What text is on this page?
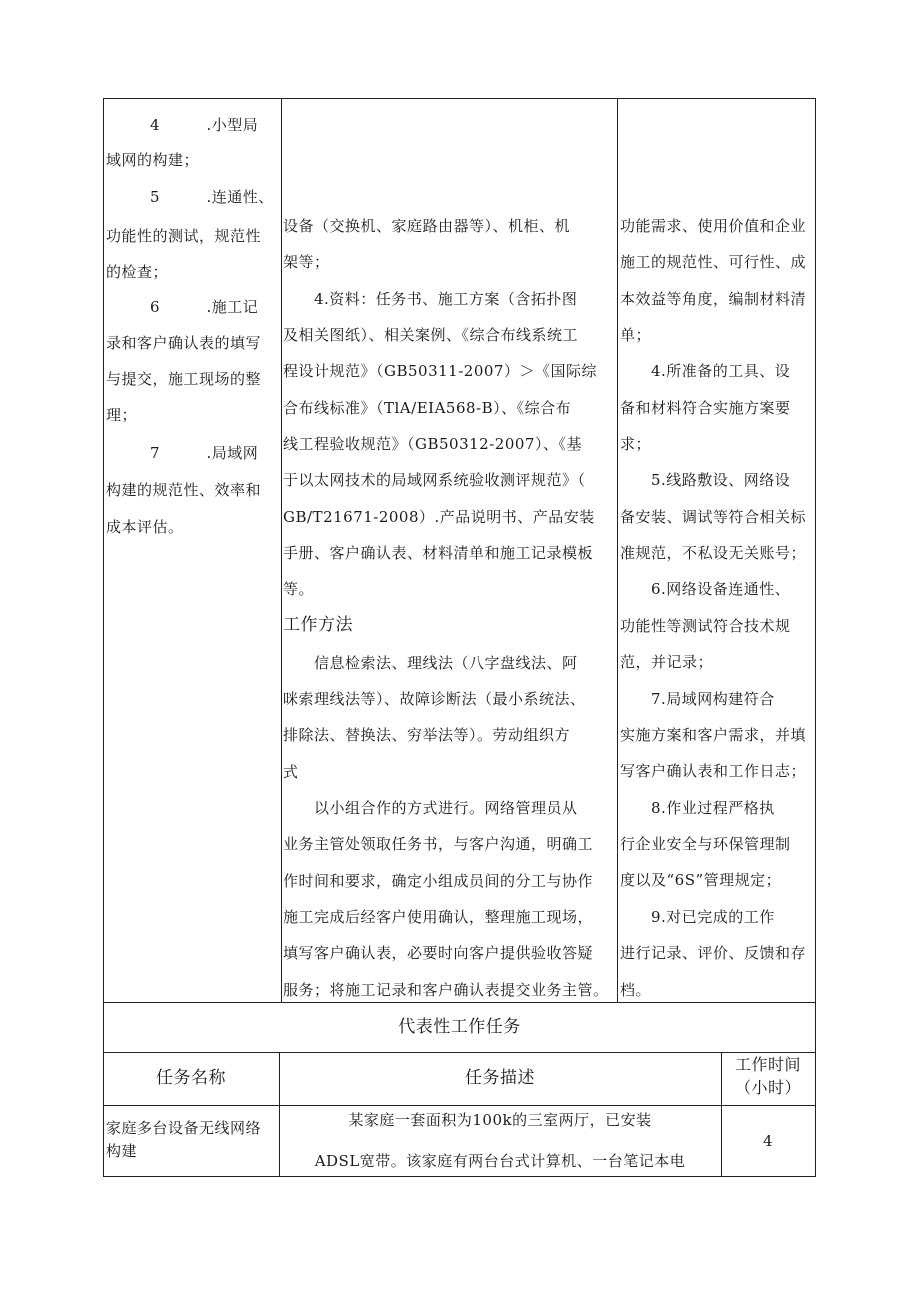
4　　　.小型局
域网的构建；
5　　　.连通性、
功能性的测试，规范性
的检查；
6　　　.施工记
录和客户确认表的填写
与提交，施工现场的整
理；
7　　　.局域网
构建的规范性、效率和
成本评估。
设备（交换机、家庭路由器等）、机柜、机
架等；
　　4.资料：任务书、施工方案（含拓扑图
及相关图纸）、相关案例、《综合布线系统工
程设计规范》（GB50311-2007）＞《国际综
合布线标准》（TlA/EIA568-B）、《综合布
线工程验收规范》（GB50312-2007）、《基
于以太网技术的局域网系统验收测评规范》（
GB/T21671-2008）.产品说明书、产品安装
手册、客户确认表、材料清单和施工记录模板
等。
工作方法
　　信息检索法、理线法（八字盘线法、阿
咪索理线法等）、故障诊断法（最小系统法、
排除法、替换法、穷举法等）。劳动组织方
式
　　以小组合作的方式进行。网络管理员从
业务主管处领取任务书，与客户沟通，明确工
作时间和要求，确定小组成员间的分工与协作
施工完成后经客户使用确认，整理施工现场，
填写客户确认表，必要时向客户提供验收答疑
服务；将施工记录和客户确认表提交业务主管。
功能需求、使用价值和企业
施工的规范性、可行性、成
本效益等角度，编制材料清
单；
　　4.所准备的工具、设
备和材料符合实施方案要
求；
　　5.线路敷设、网络设
备安装、调试等符合相关标
准规范，不私设无关账号；
　　6.网络设备连通性、
功能性等测试符合技术规
范，并记录；
　　7.局域网构建符合
实施方案和客户需求，并填
写客户确认表和工作日志；
　　8.作业过程严格执
行企业安全与环保管理制
度以及“6S”管理规定；
　　9.对已完成的工作
进行记录、评价、反馈和存
档。
代表性工作任务
任务名称	任务描述
工作时间
（小时）
家庭多台设备无线网络
构建
某家庭一套面积为100k的三室两厅，已安装
ADSL宽带。该家庭有两台台式计算机、一台笔记本电
4
